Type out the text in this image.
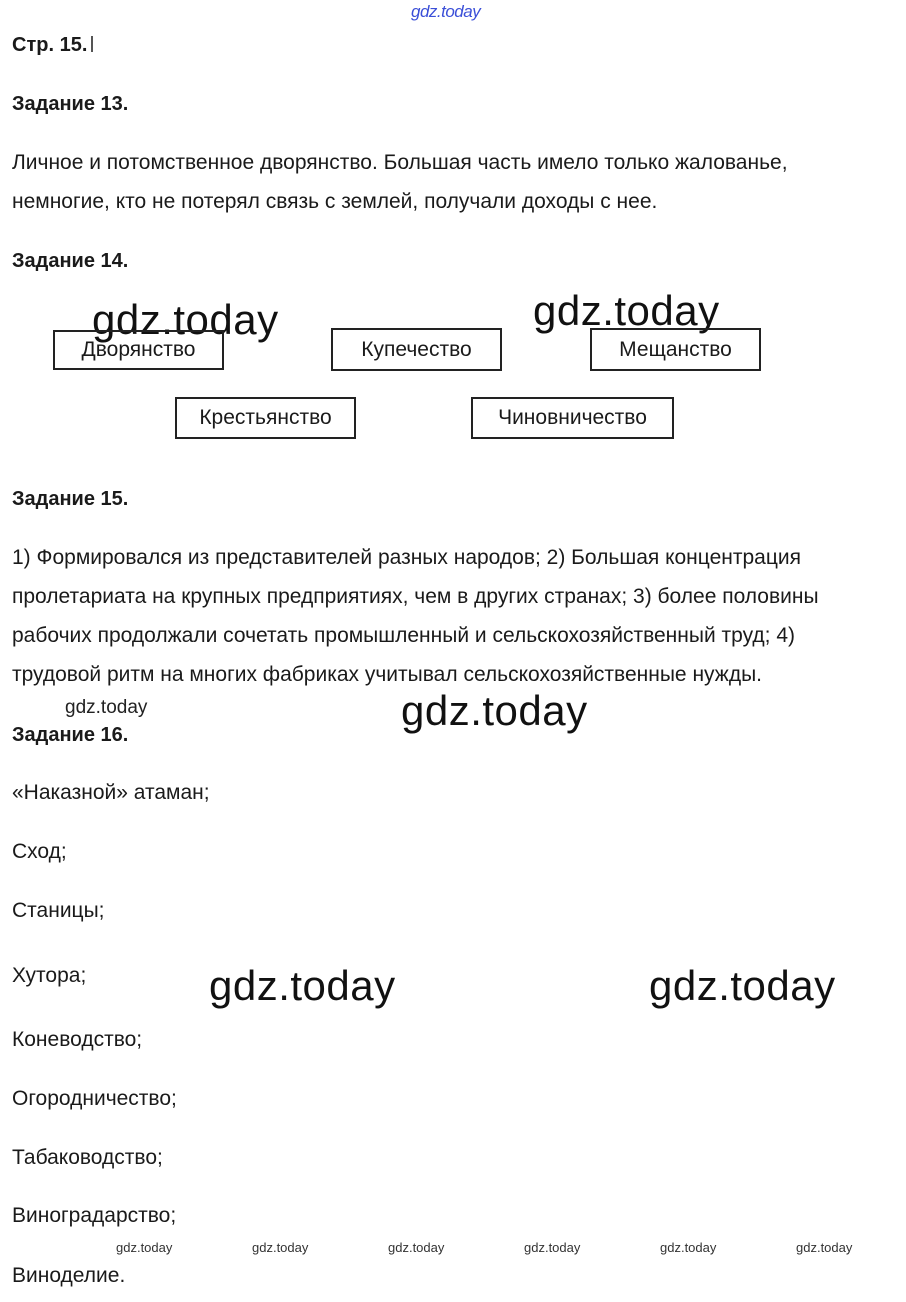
gdz.today
Стр. 15.
Задание 13.
Личное и потомственное дворянство. Большая часть имело только жалованье,
немногие, кто не потерял связь с землей, получали доходы с нее.
Задание 14.
gdz.today	gdz.today
Дворянство	Купечество	Мещанство
Крестьянство	Чиновничество
Задание 15.
1) Формировался из представителей разных народов; 2) Большая концентрация
пролетариата на крупных предприятиях, чем в других странах; 3) более половины
рабочих продолжали сочетать промышленный и сельскохозяйственный труд; 4)
трудовой ритм на многих фабриках учитывал сельскохозяйственные нужды.
gdz.today	gdz.today
Задание 16.
«Наказной» атаман;
Сход;
Станицы;
Хутора;	gdz.today	gdz.today
Коневодство;
Огородничество;
Табаководство;
Виноградарство;
gdz.today	gdz.today	gdz.today	gdz.today	gdz.today	gdz.today
Виноделие.
